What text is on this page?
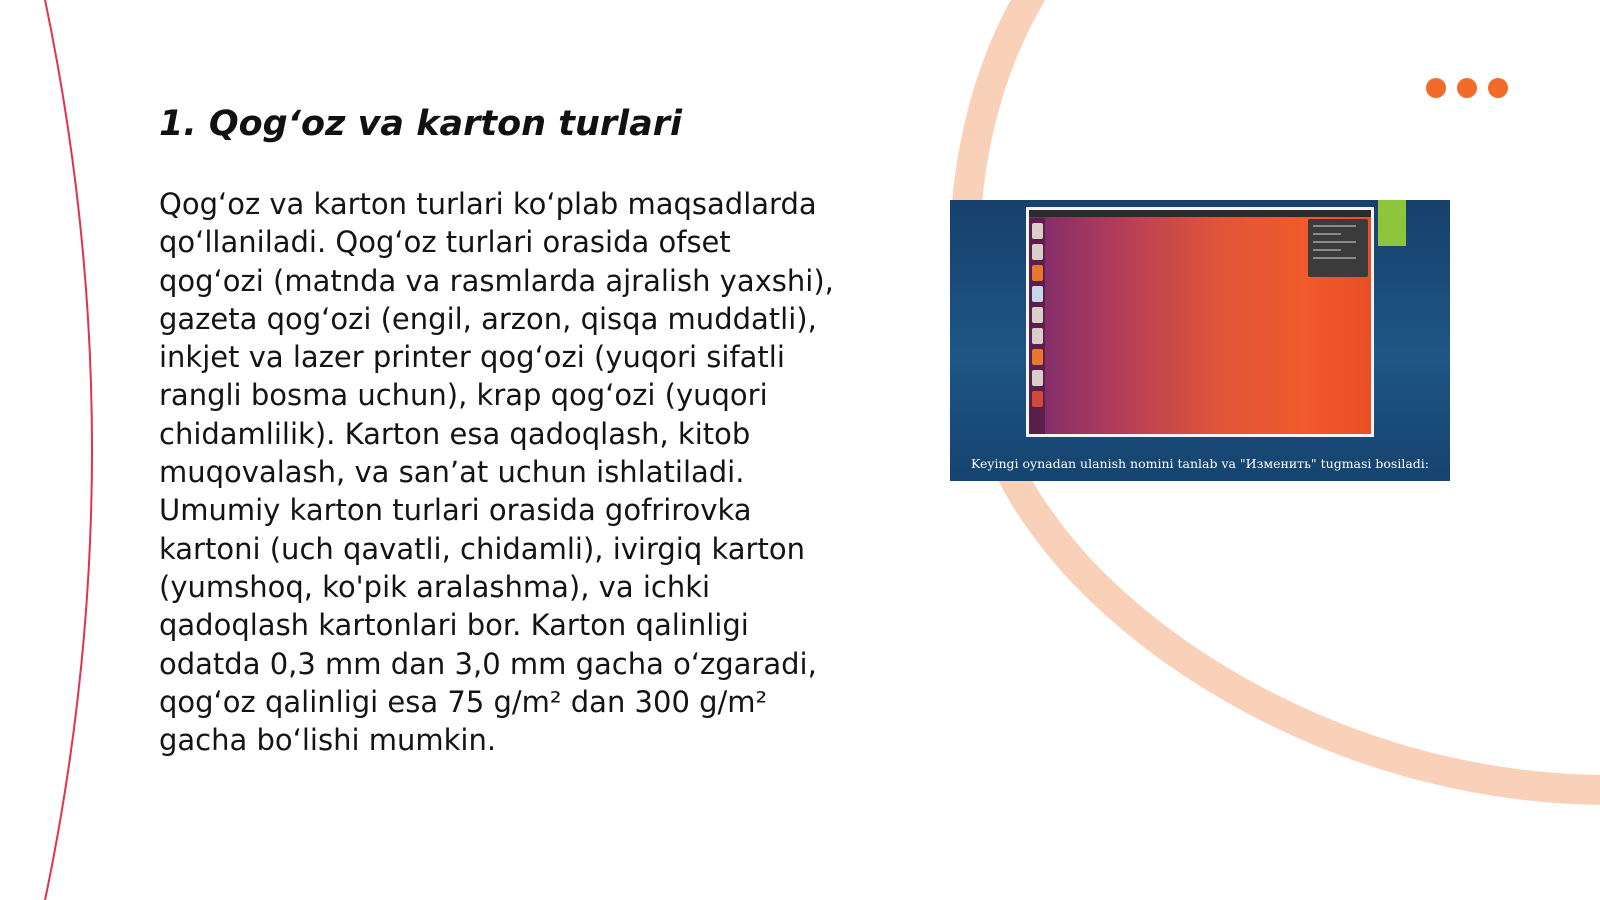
1. Qog‘oz va karton turlari

Qog‘oz va karton turlari ko‘plab maqsadlarda qo‘llaniladi. Qog‘oz turlari orasida ofset qog‘ozi (matnda va rasmlarda ajralish yaxshi), gazeta qog‘ozi (engil, arzon, qisqa muddatli), inkjet va lazer printer qog‘ozi (yuqori sifatli rangli bosma uchun), krap qog‘ozi (yuqori chidamlilik). Karton esa qadoqlash, kitob muqovalash, va san’at uchun ishlatiladi. Umumiy karton turlari orasida gofrirovka kartoni (uch qavatli, chidamli), ivirgiq karton (yumshoq, ko'pik aralashma), va ichki qadoqlash kartonlari bor. Karton qalinligi odatda 0,3 mm dan 3,0 mm gacha o‘zgaradi, qog‘oz qalinligi esa 75 g/m² dan 300 g/m² gacha bo‘lishi mumkin.

Keyingi oynadan ulanish nomini tanlab va "Изменить" tugmasi bosiladi:
